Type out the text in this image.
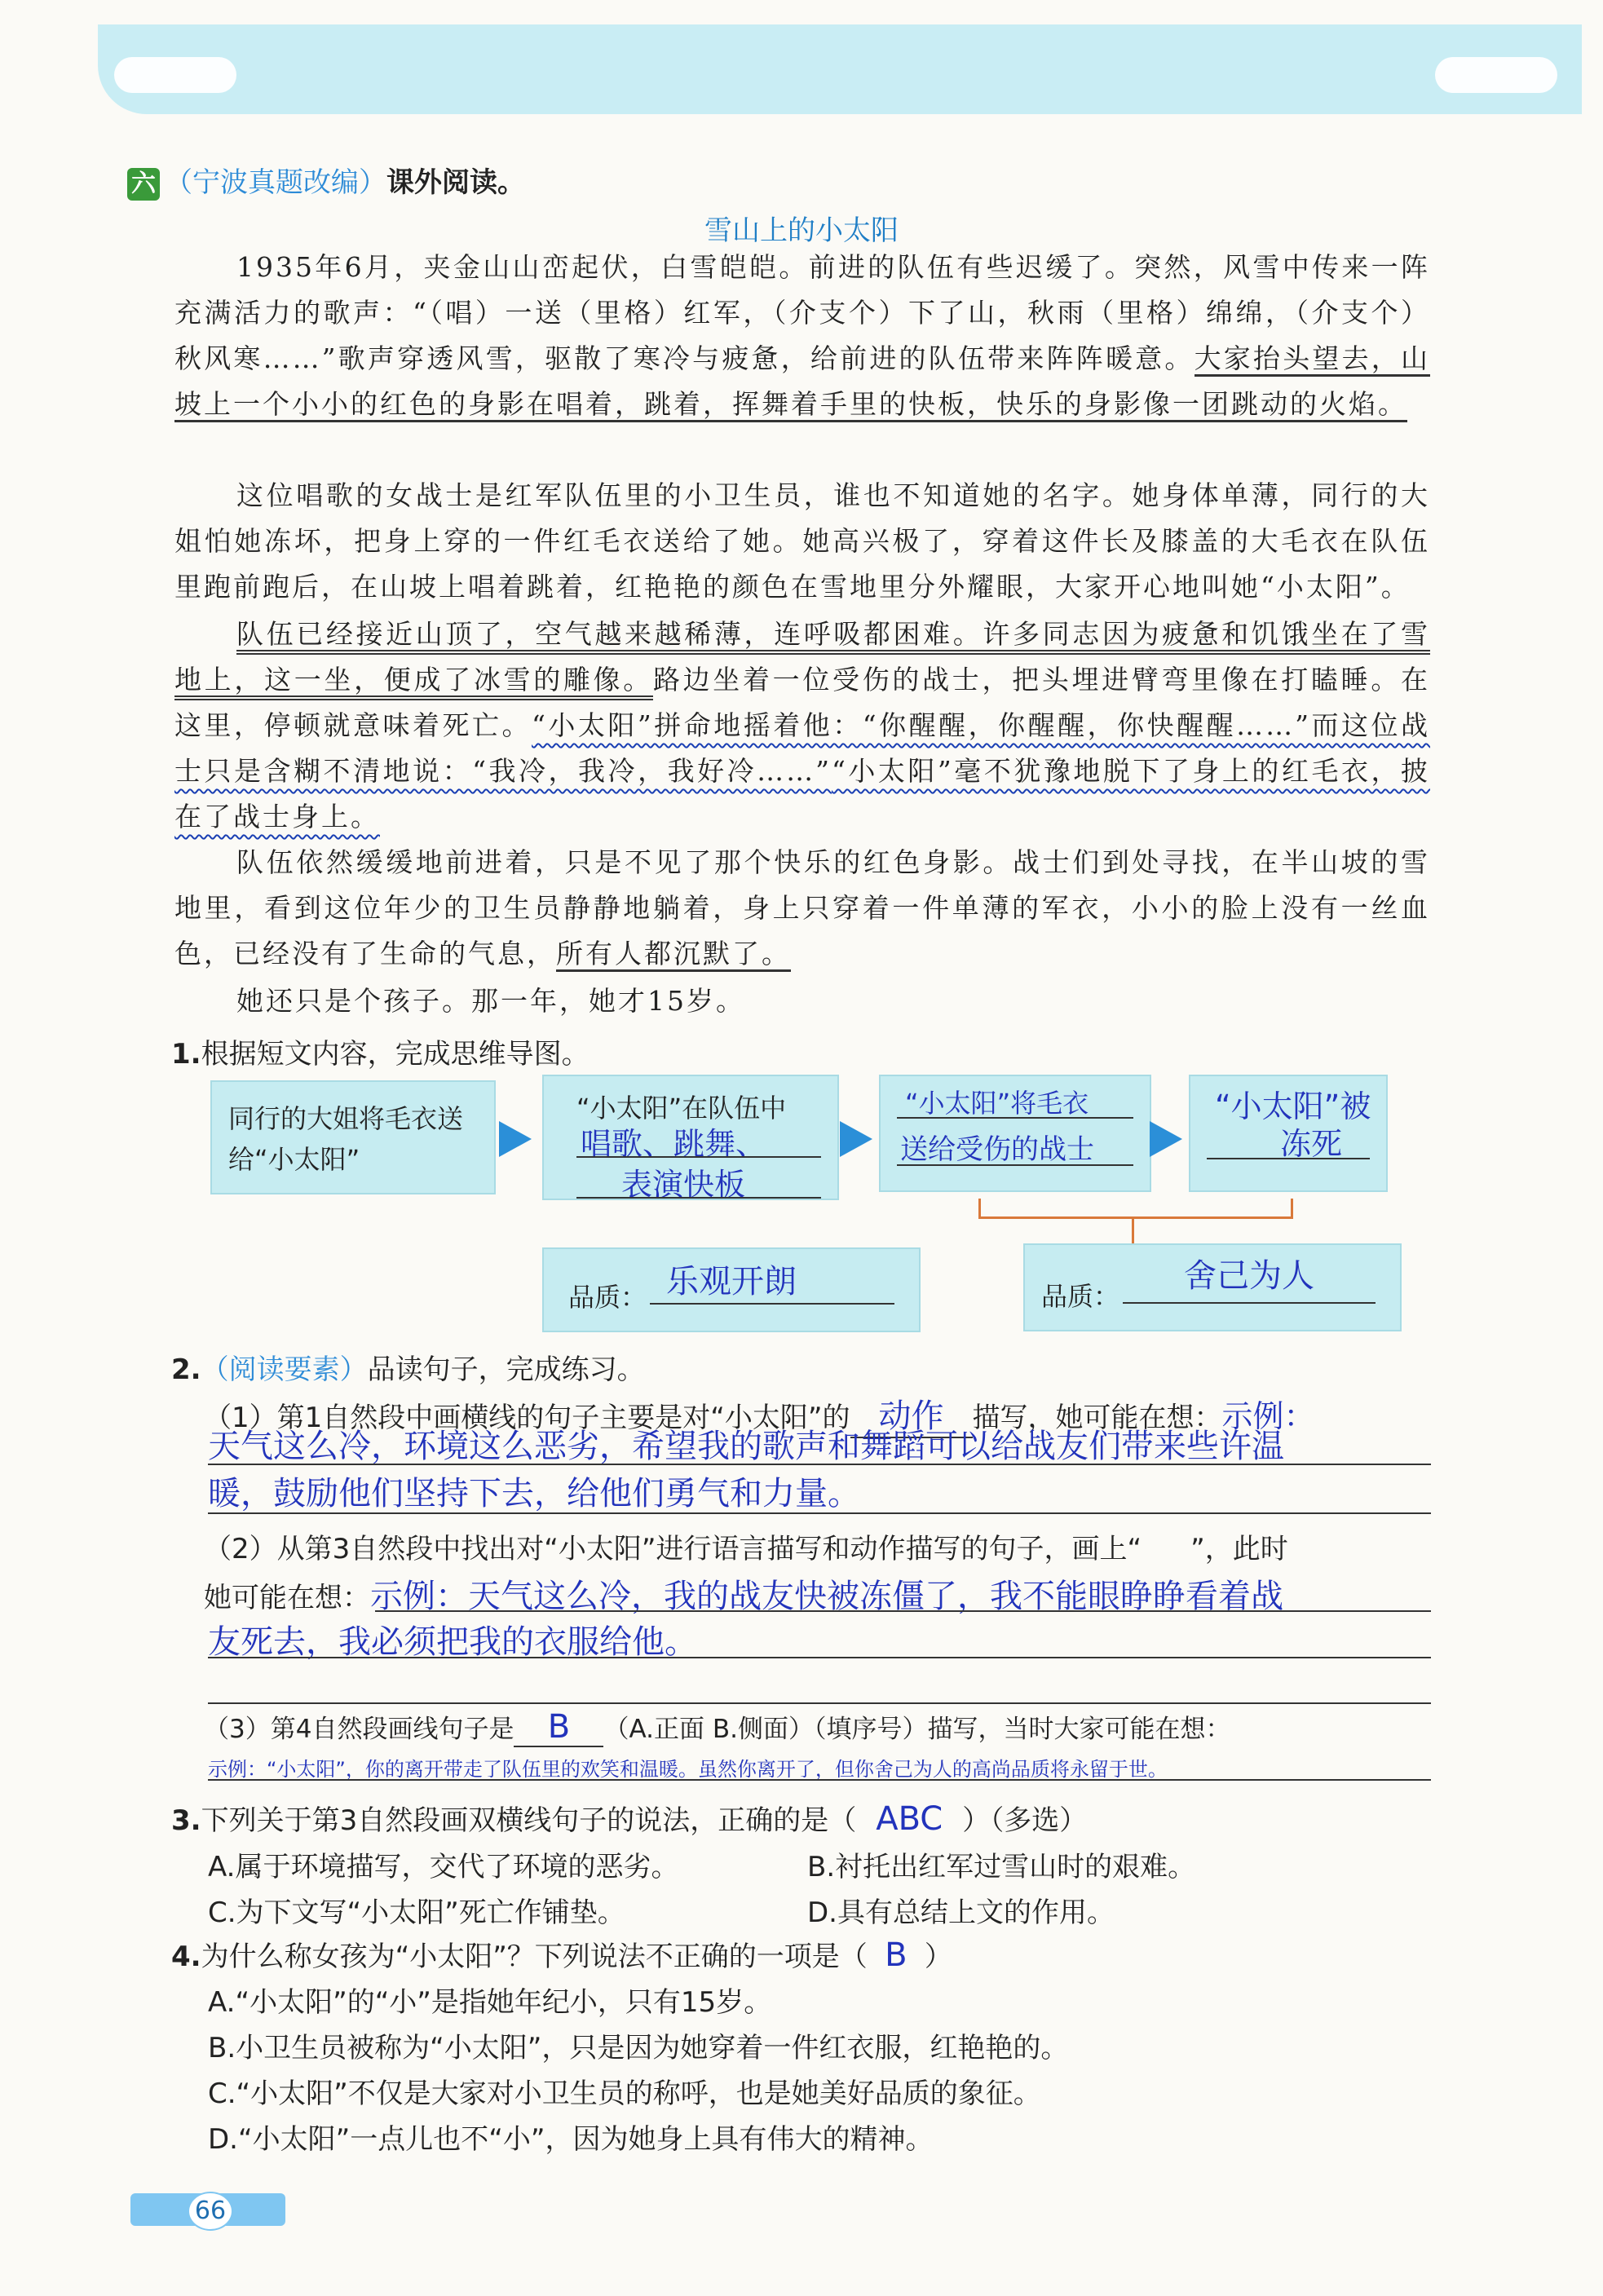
六 （宁波真题改编）课外阅读。
雪山上的小太阳
1935年6月，夹金山山峦起伏，白雪皑皑。前进的队伍有些迟缓了。突然，风雪中传来一阵充满活力的歌声：“（唱）一送（里格）红军，（介支个）下了山，秋雨（里格）绵绵，（介支个）秋风寒……”歌声穿透风雪，驱散了寒冷与疲惫，给前进的队伍带来阵阵暖意。大家抬头望去，山坡上一个小小的红色的身影在唱着，跳着，挥舞着手里的快板，快乐的身影像一团跳动的火焰。
这位唱歌的女战士是红军队伍里的小卫生员，谁也不知道她的名字。她身体单薄，同行的大姐怕她冻坏，把身上穿的一件红毛衣送给了她。她高兴极了，穿着这件长及膝盖的大毛衣在队伍里跑前跑后，在山坡上唱着跳着，红艳艳的颜色在雪地里分外耀眼，大家开心地叫她“小太阳”。
队伍已经接近山顶了，空气越来越稀薄，连呼吸都困难。许多同志因为疲惫和饥饿坐在了雪地上，这一坐，便成了冰雪的雕像。路边坐着一位受伤的战士，把头埋进臂弯里像在打瞌睡。在这里，停顿就意味着死亡。“小太阳”拼命地摇着他：“你醒醒，你醒醒，你快醒醒……”而这位战士只是含糊不清地说：“我冷，我冷，我好冷……”“小太阳”毫不犹豫地脱下了身上的红毛衣，披在了战士身上。
队伍依然缓缓地前进着，只是不见了那个快乐的红色身影。战士们到处寻找，在半山坡的雪地里，看到这位年少的卫生员静静地躺着，身上只穿着一件单薄的军衣，小小的脸上没有一丝血色，已经没有了生命的气息，所有人都沉默了。
她还只是个孩子。那一年，她才15岁。
1.根据短文内容，完成思维导图。
同行的大姐将毛衣送给“小太阳”
“小太阳”在队伍中
唱歌、跳舞、
表演快板
“小太阳”将毛衣
送给受伤的战士
“小太阳”被
冻死
品质： 乐观开朗	品质：
舍己为人
2.（阅读要素）品读句子，完成练习。
（1）第1自然段中画横线的句子主要是对“小太阳”的 动作 描写，她可能在想：示例：
天气这么冷，环境这么恶劣，希望我的歌声和舞蹈可以给战友们带来些许温
暖，鼓励他们坚持下去，给他们勇气和力量。
（2）从第3自然段中找出对“小太阳”进行语言描写和动作描写的句子，画上“ ”，此时
她可能在想：示例：天气这么冷，我的战友快被冻僵了，我不能眼睁睁看着战
友死去，我必须把我的衣服给他。
（3）第4自然段画线句子是 B （A.正面 B.侧面）（填序号）描写，当时大家可能在想：
示例：“小太阳”，你的离开带走了队伍里的欢笑和温暖。虽然你离开了，但你舍己为人的高尚品质将永留于世。
3.下列关于第3自然段画双横线句子的说法，正确的是（ ABC ）（多选）
A.属于环境描写，交代了环境的恶劣。	B.衬托出红军过雪山时的艰难。
C.为下文写“小太阳”死亡作铺垫。	D.具有总结上文的作用。
4.为什么称女孩为“小太阳”？下列说法不正确的一项是（ B ）
A.“小太阳”的“小”是指她年纪小，只有15岁。
B.小卫生员被称为“小太阳”，只是因为她穿着一件红衣服，红艳艳的。
C.“小太阳”不仅是大家对小卫生员的称呼，也是她美好品质的象征。
D.“小太阳”一点儿也不“小”，因为她身上具有伟大的精神。
66
